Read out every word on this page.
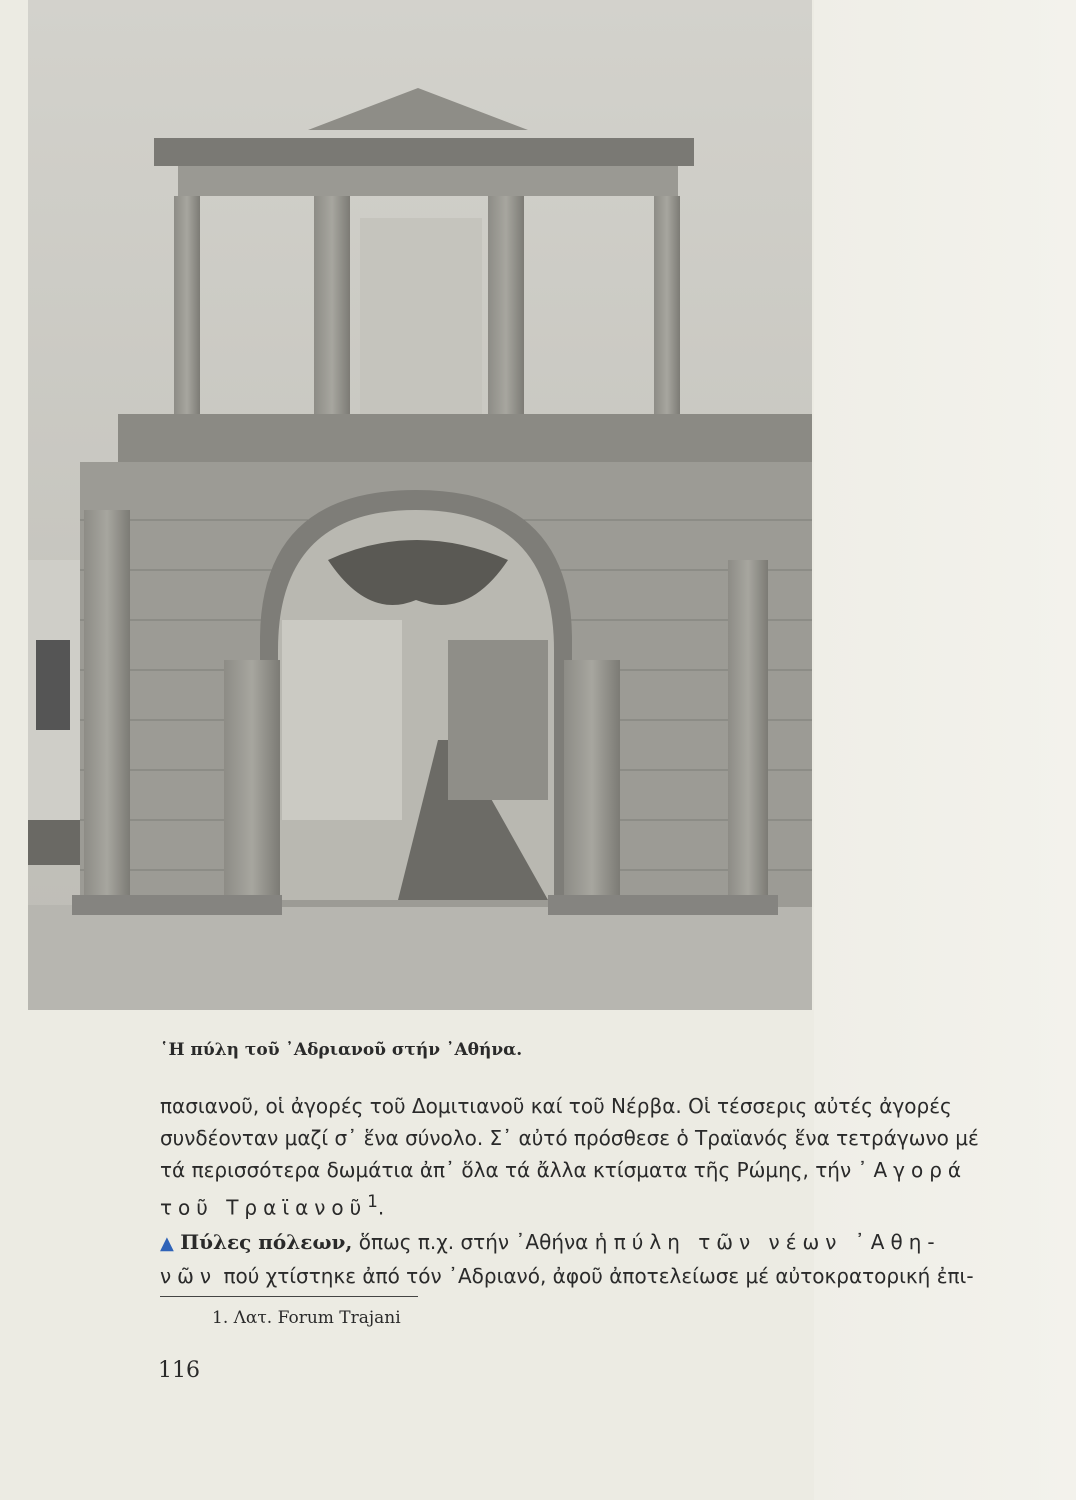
῾Η πύλη τοῦ ᾿Αδριανοῦ στήν ᾿Αθήνα.

πασιανοῦ, οἱ ἀγορές τοῦ Δομιτιανοῦ καί τοῦ Νέρβα. Οἱ τέσσερις αὐτές ἀγορές

συνδέονταν μαζί σ᾿ ἕνα σύνολο. Σ᾿ αὐτό πρόσθεσε ὁ Τραϊανός ἕνα τετράγωνο μέ

τά περισσότερα δωμάτια ἀπ᾿ ὅλα τά ἄλλα κτίσματα τῆς Ρώμης, τήν ᾿Αγορά

τοῦ Τραϊανοῦ$^1$.

▲ Πύλες πόλεων, ὅπως π.χ. στήν ᾿Αθήνα ἡ πύλη τῶν νέων ᾿Αθη-

νῶν πού χτίστηκε ἀπό τόν ᾿Αδριανό, ἀφοῦ ἀποτελείωσε μέ αὐτοκρατορική ἐπι-

1. Λατ. Forum Trajani
116
